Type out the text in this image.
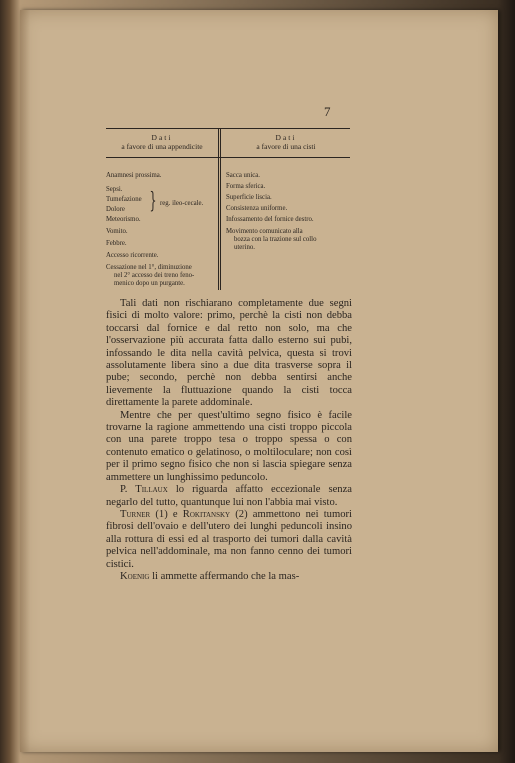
7
Dati
a favore di una appendicite
Dati
a favore di una cisti
Anamnesi prossima.
Sepsi.
Tumefazione
Dolore } reg. ileo-cecale.
Meteorismo.
Vomito.
Febbre.
Accesso ricorrente.
Cessazione nel 1°, diminuzione
nel 2° accesso dei treno feno-
menico dopo un purgante.
Sacca unica.
Forma sferica.
Superficie liscia.
Consistenza uniforme.
Infossamento del fornice destro.
Movimento comunicato alla
bozza con la trazione sul collo
uterino.

Tali dati non rischiarano completamente due segni fisici di molto valore: primo, perchè la cisti non debba toccarsi dal fornice e dal retto non solo, ma che l'osservazione più accurata fatta dallo esterno sui pubi, infossando le dita nella cavità pelvica, questa si trovi assolutamente libera sino a due dita trasverse sopra il pube; secondo, perchè non debba sentirsi anche lievemente la fluttuazione quando la cisti tocca direttamente la parete addominale.

Mentre che per quest'ultimo segno fisico è facile trovarne la ragione ammettendo una cisti troppo piccola con una parete troppo tesa o troppo spessa o con contenuto ematico o gelatinoso, o moltiloculare; non così per il primo segno fisico che non si lascia spiegare senza ammettere un lunghissimo peduncolo.

P. Tillaux lo riguarda affatto eccezionale senza negarlo del tutto, quantunque lui non l'abbia mai visto.

Turner (1) e Rokitansky (2) ammettono nei tumori fibrosi dell'ovaio e dell'utero dei lunghi peduncoli insino alla rottura di essi ed al trasporto dei tumori dalla cavità pelvica nell'addominale, ma non fanno cenno dei tumori cistici.

Koenig li ammette affermando che la mas-
